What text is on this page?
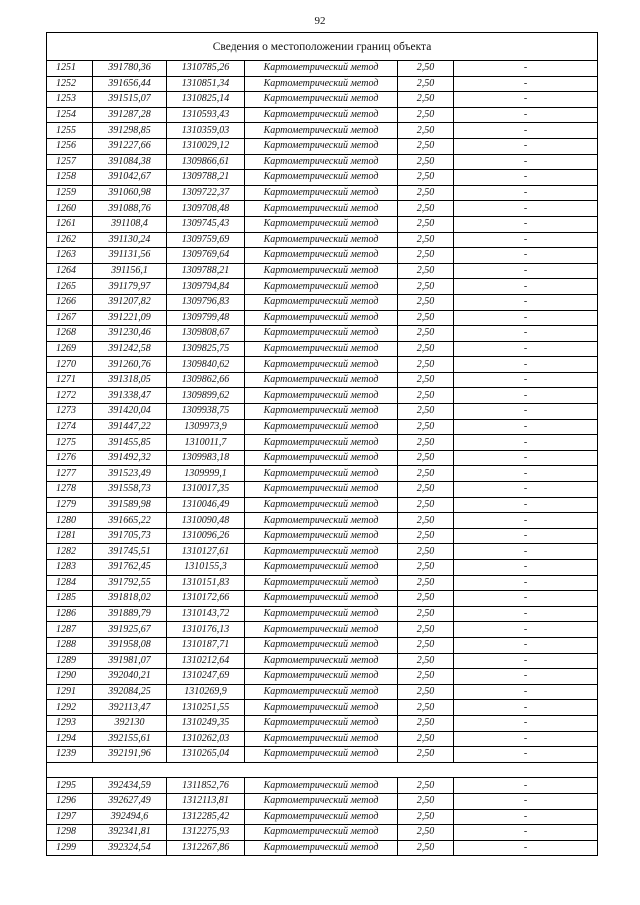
92
Сведения о местоположении границ объекта					
1251	391780,36	1310785,26	Картометрический метод	2,50	-
1252	391656,44	1310851,34	Картометрический метод	2,50	-
1253	391515,07	1310825,14	Картометрический метод	2,50	-
1254	391287,28	1310593,43	Картометрический метод	2,50	-
1255	391298,85	1310359,03	Картометрический метод	2,50	-
1256	391227,66	1310029,12	Картометрический метод	2,50	-
1257	391084,38	1309866,61	Картометрический метод	2,50	-
1258	391042,67	1309788,21	Картометрический метод	2,50	-
1259	391060,98	1309722,37	Картометрический метод	2,50	-
1260	391088,76	1309708,48	Картометрический метод	2,50	-
1261	391108,4	1309745,43	Картометрический метод	2,50	-
1262	391130,24	1309759,69	Картометрический метод	2,50	-
1263	391131,56	1309769,64	Картометрический метод	2,50	-
1264	391156,1	1309788,21	Картометрический метод	2,50	-
1265	391179,97	1309794,84	Картометрический метод	2,50	-
1266	391207,82	1309796,83	Картометрический метод	2,50	-
1267	391221,09	1309799,48	Картометрический метод	2,50	-
1268	391230,46	1309808,67	Картометрический метод	2,50	-
1269	391242,58	1309825,75	Картометрический метод	2,50	-
1270	391260,76	1309840,62	Картометрический метод	2,50	-
1271	391318,05	1309862,66	Картометрический метод	2,50	-
1272	391338,47	1309899,62	Картометрический метод	2,50	-
1273	391420,04	1309938,75	Картометрический метод	2,50	-
1274	391447,22	1309973,9	Картометрический метод	2,50	-
1275	391455,85	1310011,7	Картометрический метод	2,50	-
1276	391492,32	1309983,18	Картометрический метод	2,50	-
1277	391523,49	1309999,1	Картометрический метод	2,50	-
1278	391558,73	1310017,35	Картометрический метод	2,50	-
1279	391589,98	1310046,49	Картометрический метод	2,50	-
1280	391665,22	1310090,48	Картометрический метод	2,50	-
1281	391705,73	1310096,26	Картометрический метод	2,50	-
1282	391745,51	1310127,61	Картометрический метод	2,50	-
1283	391762,45	1310155,3	Картометрический метод	2,50	-
1284	391792,55	1310151,83	Картометрический метод	2,50	-
1285	391818,02	1310172,66	Картометрический метод	2,50	-
1286	391889,79	1310143,72	Картометрический метод	2,50	-
1287	391925,67	1310176,13	Картометрический метод	2,50	-
1288	391958,08	1310187,71	Картометрический метод	2,50	-
1289	391981,07	1310212,64	Картометрический метод	2,50	-
1290	392040,21	1310247,69	Картометрический метод	2,50	-
1291	392084,25	1310269,9	Картометрический метод	2,50	-
1292	392113,47	1310251,55	Картометрический метод	2,50	-
1293	392130	1310249,35	Картометрический метод	2,50	-
1294	392155,61	1310262,03	Картометрический метод	2,50	-
1239	392191,96	1310265,04	Картометрический метод	2,50	-

1295	392434,59	1311852,76	Картометрический метод	2,50	-
1296	392627,49	1312113,81	Картометрический метод	2,50	-
1297	392494,6	1312285,42	Картометрический метод	2,50	-
1298	392341,81	1312275,93	Картометрический метод	2,50	-
1299	392324,54	1312267,86	Картометрический метод	2,50	-
